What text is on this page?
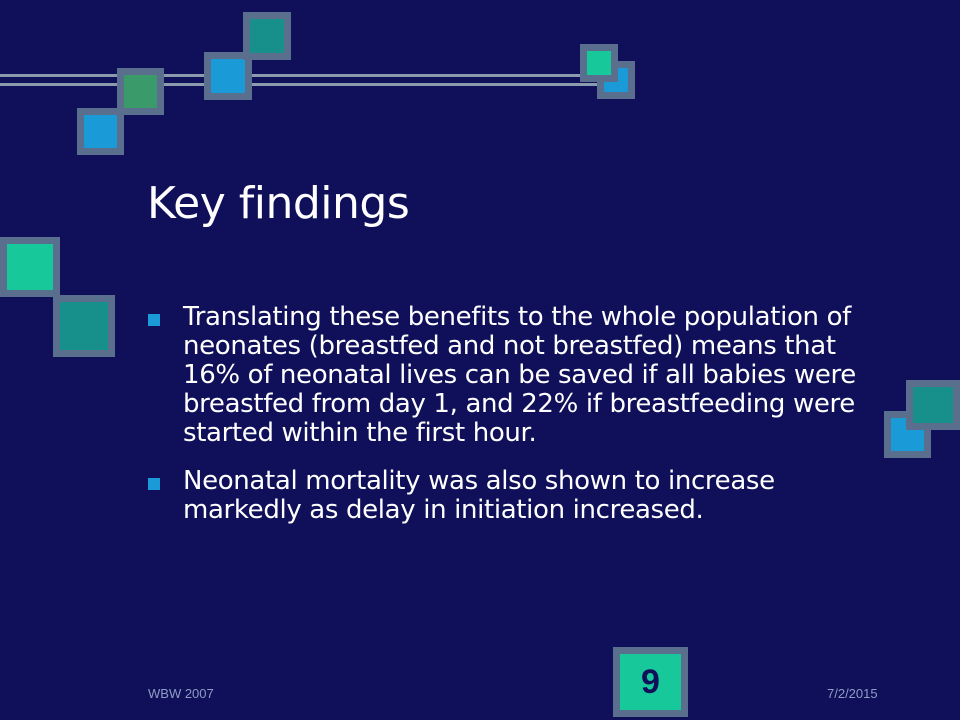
Key findings
Translating these benefits to the whole population of neonates (breastfed and not breastfed) means that 16% of neonatal lives can be saved if all babies were breastfed from day 1, and 22% if breastfeeding were started within the first hour.
Neonatal mortality was also shown to increase markedly as delay in initiation increased.
WBW 2007	7/2/2015
9
